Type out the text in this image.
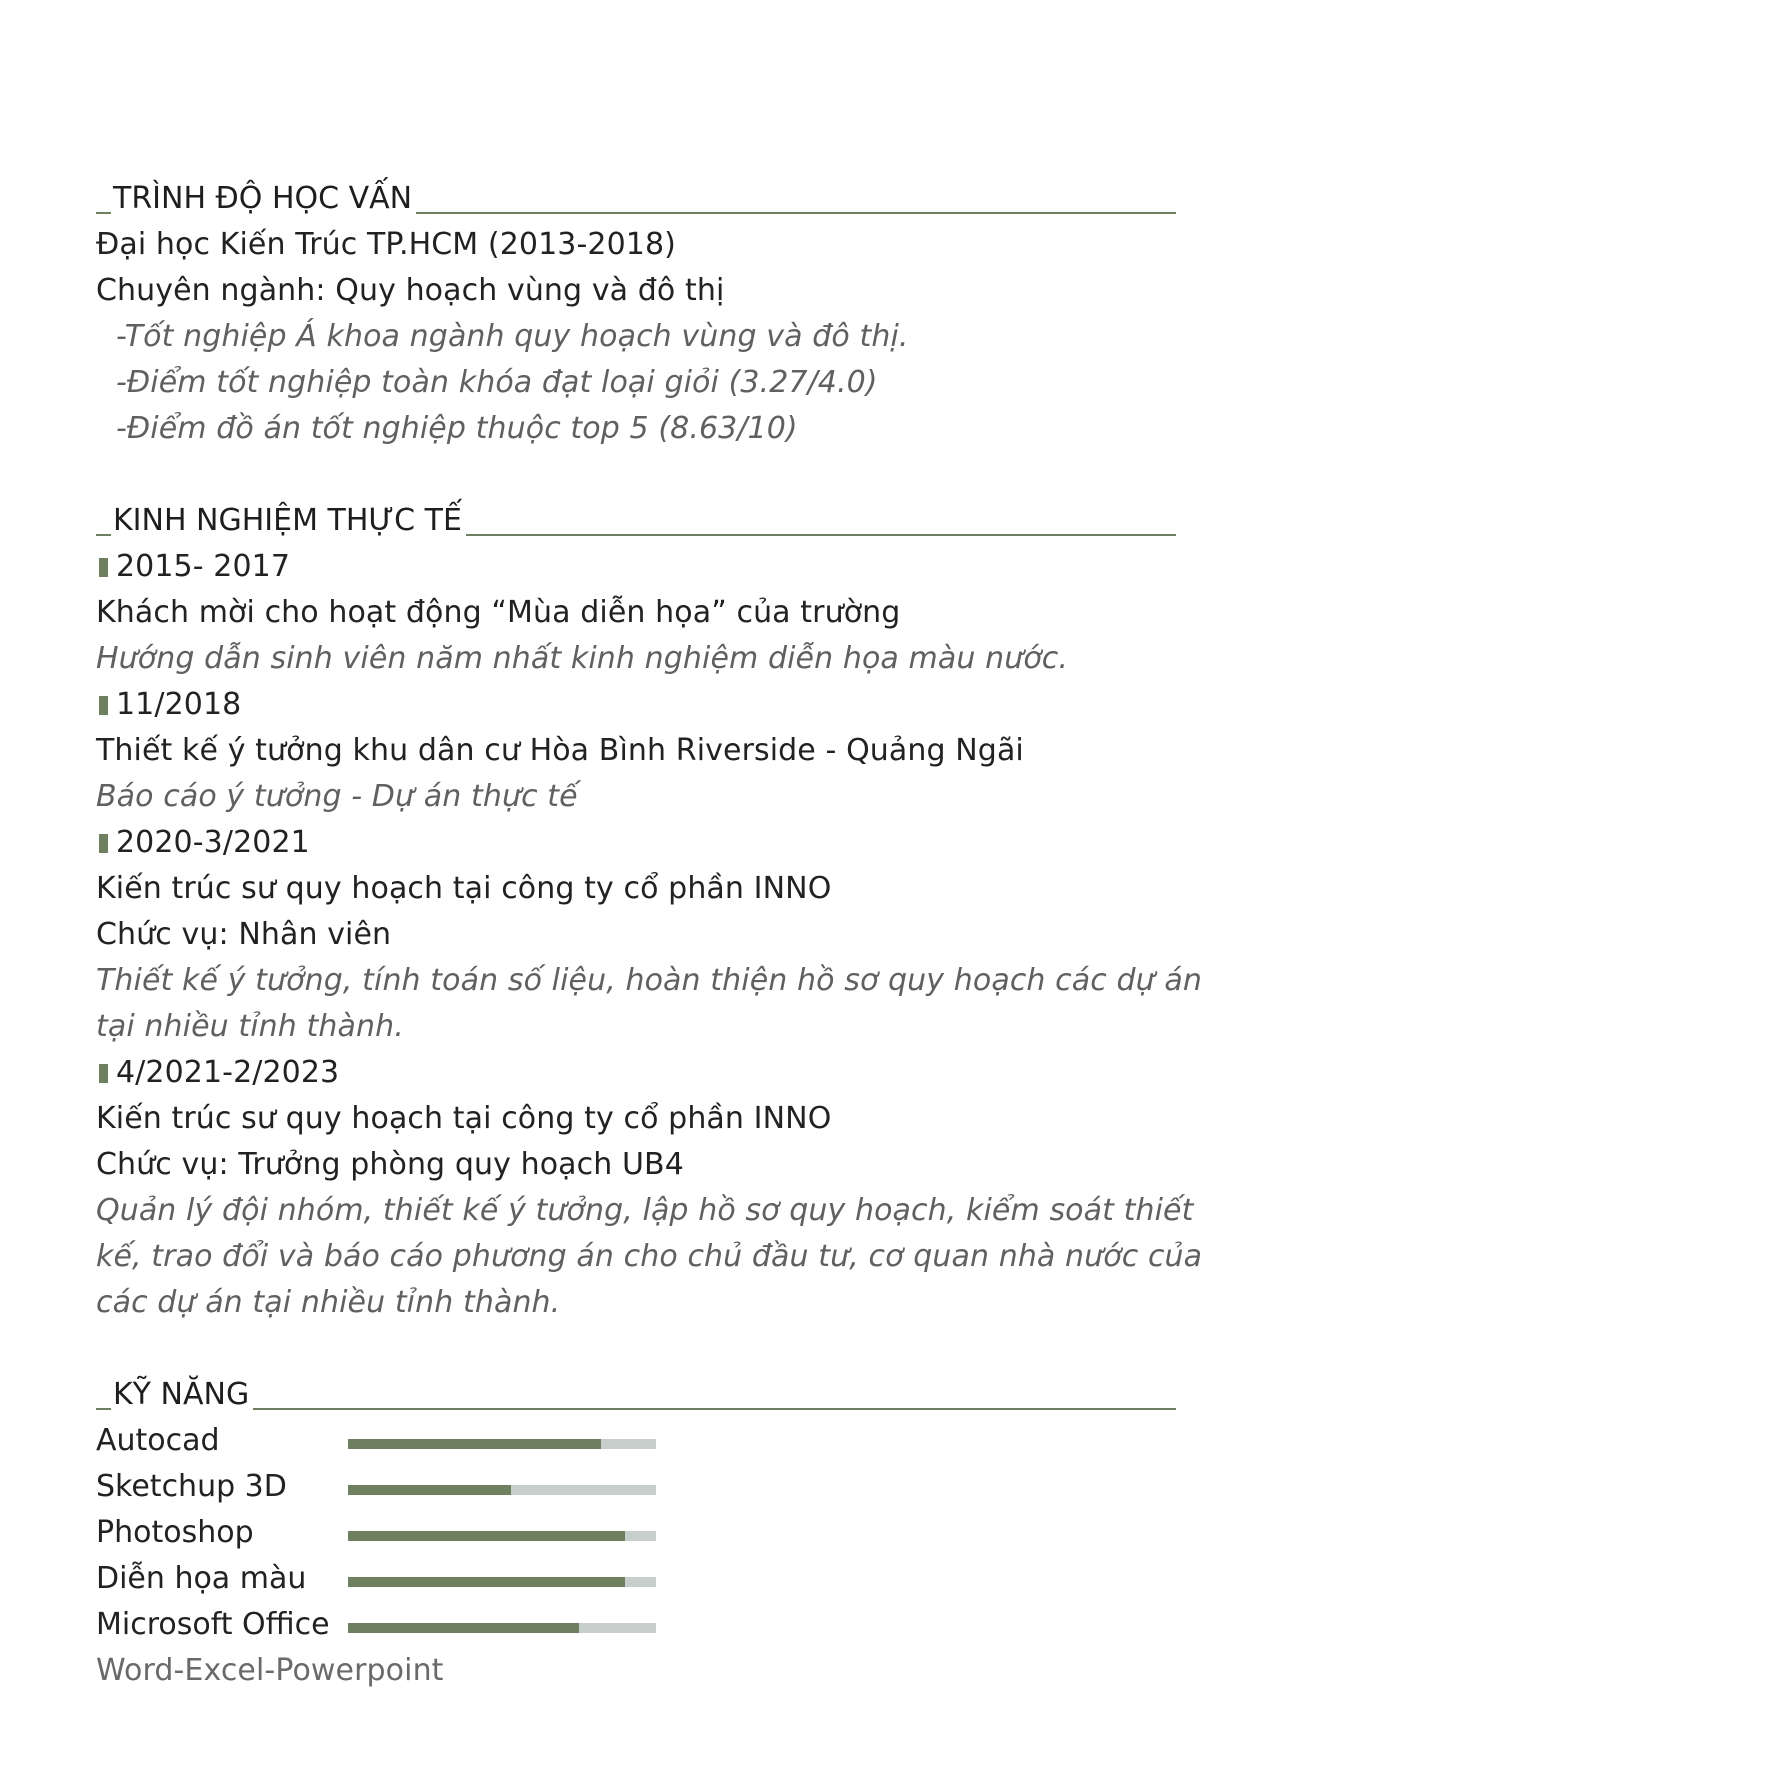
TRÌNH ĐỘ HỌC VẤN
Đại học Kiến Trúc TP.HCM (2013-2018)
Chuyên ngành: Quy hoạch vùng và đô thị
-Tốt nghiệp Á khoa ngành quy hoạch vùng và đô thị.
-Điểm tốt nghiệp toàn khóa đạt loại giỏi (3.27/4.0)
-Điểm đồ án tốt nghiệp thuộc top 5 (8.63/10)
KINH NGHIỆM THỰC TẾ
2015- 2017
Khách mời cho hoạt động “Mùa diễn họa” của trường
Hướng dẫn sinh viên năm nhất kinh nghiệm diễn họa màu nước.
11/2018
Thiết kế ý tưởng khu dân cư Hòa Bình Riverside - Quảng Ngãi
Báo cáo ý tưởng - Dự án thực tế
2020-3/2021
Kiến trúc sư quy hoạch tại công ty cổ phần INNO
Chức vụ: Nhân viên
Thiết kế ý tưởng, tính toán số liệu, hoàn thiện hồ sơ quy hoạch các dự án
tại nhiều tỉnh thành.
4/2021-2/2023
Kiến trúc sư quy hoạch tại công ty cổ phần INNO
Chức vụ: Trưởng phòng quy hoạch UB4
Quản lý đội nhóm, thiết kế ý tưởng, lập hồ sơ quy hoạch, kiểm soát thiết
kế, trao đổi và báo cáo phương án cho chủ đầu tư, cơ quan nhà nước của
các dự án tại nhiều tỉnh thành.
KỸ NĂNG
Autocad
Sketchup 3D
Photoshop
Diễn họa màu
Microsoft Office
Word-Excel-Powerpoint
